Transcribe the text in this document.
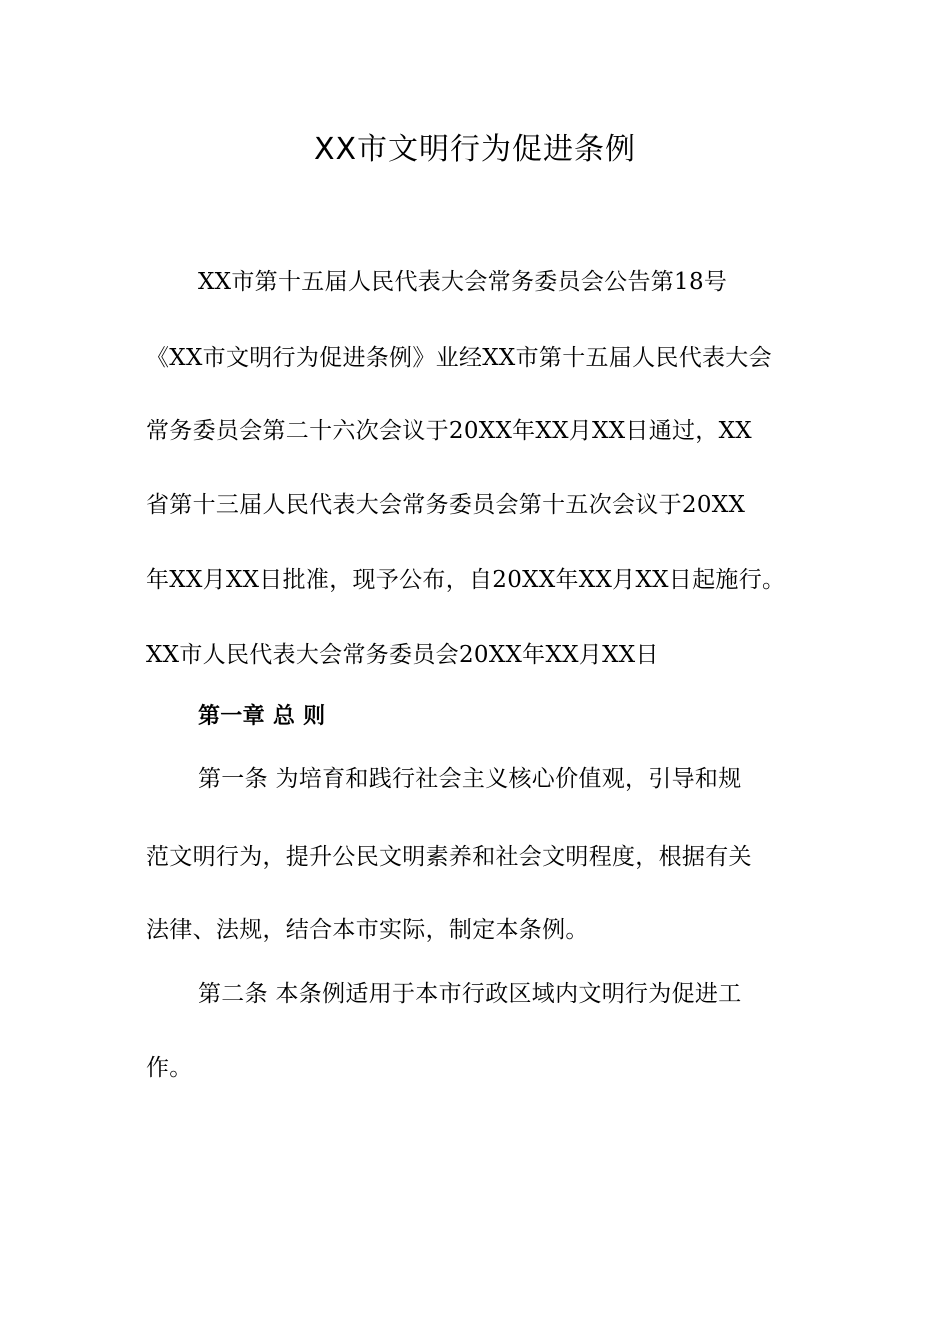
XX市文明行为促进条例
XX市第十五届人民代表大会常务委员会公告第18号
《XX市文明行为促进条例》业经XX市第十五届人民代表大会
常务委员会第二十六次会议于20XX年XX月XX日通过，XX
省第十三届人民代表大会常务委员会第十五次会议于20XX
年XX月XX日批准，现予公布，自20XX年XX月XX日起施行。
XX市人民代表大会常务委员会20XX年XX月XX日
第一章 总 则
第一条 为培育和践行社会主义核心价值观，引导和规
范文明行为，提升公民文明素养和社会文明程度，根据有关
法律、法规，结合本市实际，制定本条例。
第二条 本条例适用于本市行政区域内文明行为促进工
作。
